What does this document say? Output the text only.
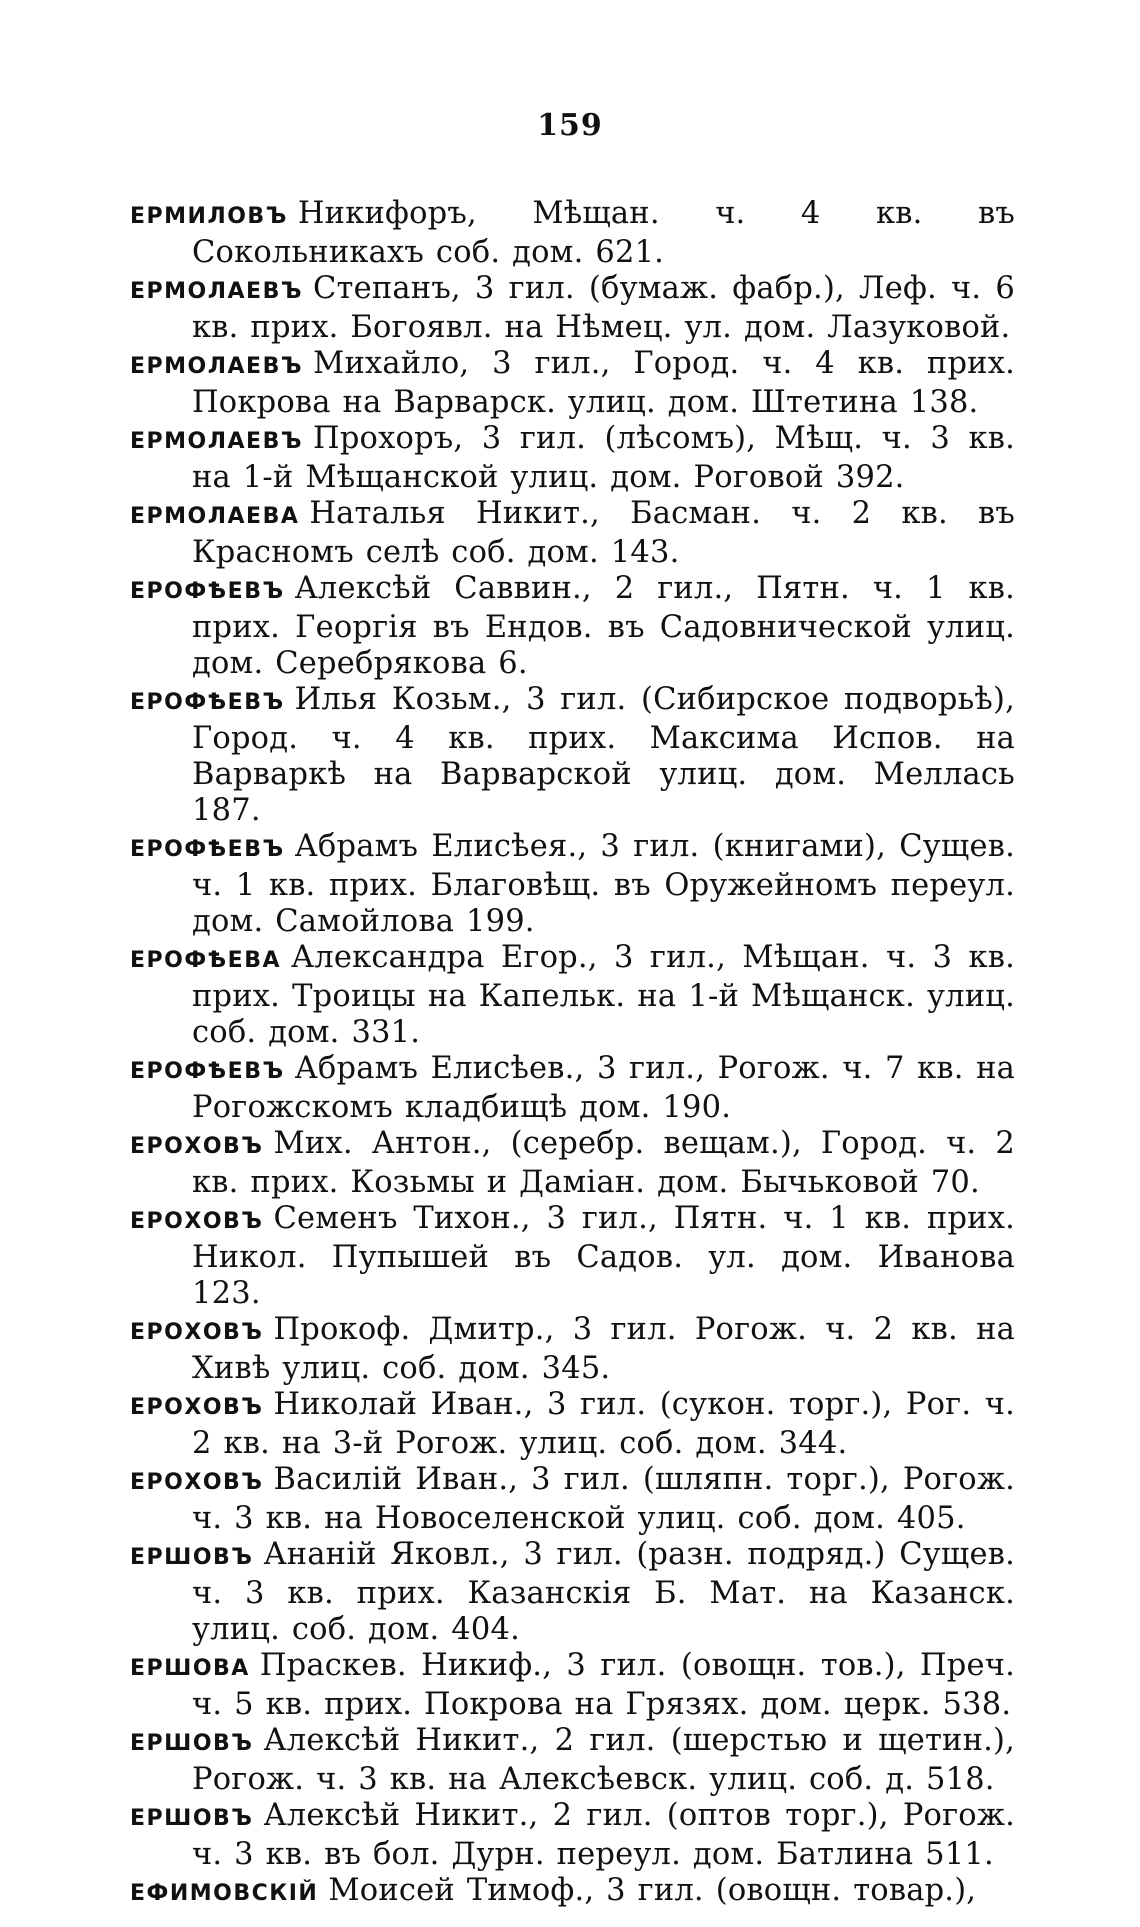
159

ЕРМИЛОВЪ Никифоръ, Мѣщан. ч. 4 кв. въ Сокольникахъ соб. дом. 621.

ЕРМОЛАЕВЪ Степанъ, 3 гил. (бумаж. фабр.), Леф. ч. 6 кв. прих. Богоявл. на Нѣмец. ул. дом. Лазуковой.

ЕРМОЛАЕВЪ Михайло, 3 гил., Город. ч. 4 кв. прих. Покрова на Варварск. улиц. дом. Штетина 138.

ЕРМОЛАЕВЪ Прохоръ, 3 гил. (лѣсомъ), Мѣщ. ч. 3 кв. на 1-й Мѣщанской улиц. дом. Роговой 392.

ЕРМОЛАЕВА Наталья Никит., Басман. ч. 2 кв. въ Красномъ селѣ соб. дом. 143.

ЕРОФѢЕВЪ Алексѣй Саввин., 2 гил., Пятн. ч. 1 кв. прих. Георгія въ Ендов. въ Садовнической улиц. дом. Серебрякова 6.

ЕРОФѢЕВЪ Илья Козьм., 3 гил. (Сибирское подворьѣ), Город. ч. 4 кв. прих. Максима Испов. на Варваркѣ на Варварской улиц. дом. Меллась 187.

ЕРОФѢЕВЪ Абрамъ Елисѣея., 3 гил. (книгами), Сущев. ч. 1 кв. прих. Благовѣщ. въ Оружейномъ переул. дом. Самойлова 199.

ЕРОФѢЕВА Александра Егор., 3 гил., Мѣщан. ч. 3 кв. прих. Троицы на Капельк. на 1-й Мѣщанск. улиц. соб. дом. 331.

ЕРОФѢЕВЪ Абрамъ Елисѣев., 3 гил., Рогож. ч. 7 кв. на Рогожскомъ кладбищѣ дом. 190.

ЕРОХОВЪ Мих. Антон., (серебр. вещам.), Город. ч. 2 кв. прих. Козьмы и Даміан. дом. Бычьковой 70.

ЕРОХОВЪ Семенъ Тихон., 3 гил., Пятн. ч. 1 кв. прих. Никол. Пупышей въ Садов. ул. дом. Иванова 123.

ЕРОХОВЪ Прокоф. Дмитр., 3 гил. Рогож. ч. 2 кв. на Хивѣ улиц. соб. дом. 345.

ЕРОХОВЪ Николай Иван., 3 гил. (сукон. торг.), Рог. ч. 2 кв. на 3-й Рогож. улиц. соб. дом. 344.

ЕРОХОВЪ Василій Иван., 3 гил. (шляпн. торг.), Рогож. ч. 3 кв. на Новоселенской улиц. соб. дом. 405.

ЕРШОВЪ Ананій Яковл., 3 гил. (разн. подряд.) Сущев. ч. 3 кв. прих. Казанскія Б. Мат. на Казанск. улиц. соб. дом. 404.

ЕРШОВА Праскев. Никиф., 3 гил. (овощн. тов.), Преч. ч. 5 кв. прих. Покрова на Грязях. дом. церк. 538.

ЕРШОВЪ Алексѣй Никит., 2 гил. (шерстью и щетин.), Рогож. ч. 3 кв. на Алексѣевск. улиц. соб. д. 518.

ЕРШОВЪ Алексѣй Никит., 2 гил. (оптов торг.), Рогож. ч. 3 кв. въ бол. Дурн. переул. дом. Батлина 511.

ЕФИМОВСКІЙ Моисей Тимоф., 3 гил. (овощн. товар.),
